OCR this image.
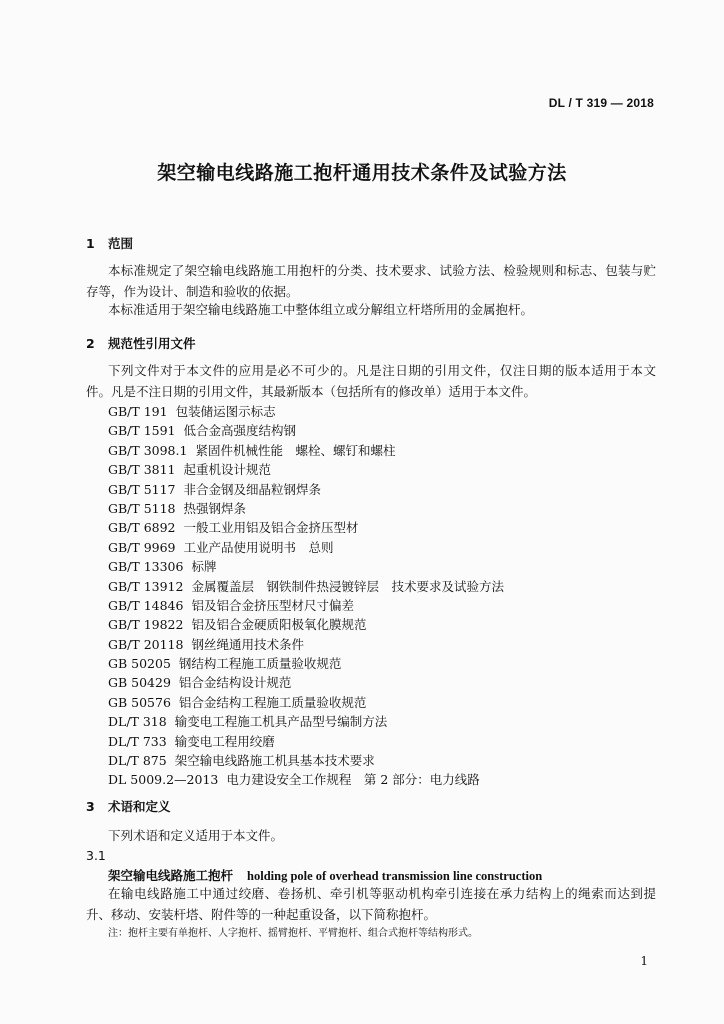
DL / T 319 — 2018
架空输电线路施工抱杆通用技术条件及试验方法
1 范围
本标准规定了架空输电线路施工用抱杆的分类、技术要求、试验方法、检验规则和标志、包装与贮存等，作为设计、制造和验收的依据。
本标准适用于架空输电线路施工中整体组立或分解组立杆塔所用的金属抱杆。
2 规范性引用文件
下列文件对于本文件的应用是必不可少的。凡是注日期的引用文件，仅注日期的版本适用于本文件。凡是不注日期的引用文件，其最新版本（包括所有的修改单）适用于本文件。
GB/T 191 包装储运图示标志
GB/T 1591 低合金高强度结构钢
GB/T 3098.1 紧固件机械性能　螺栓、螺钉和螺柱
GB/T 3811 起重机设计规范
GB/T 5117 非合金钢及细晶粒钢焊条
GB/T 5118 热强钢焊条
GB/T 6892 一般工业用铝及铝合金挤压型材
GB/T 9969 工业产品使用说明书　总则
GB/T 13306 标牌
GB/T 13912 金属覆盖层　钢铁制件热浸镀锌层　技术要求及试验方法
GB/T 14846 铝及铝合金挤压型材尺寸偏差
GB/T 19822 铝及铝合金硬质阳极氧化膜规范
GB/T 20118 钢丝绳通用技术条件
GB 50205 钢结构工程施工质量验收规范
GB 50429 铝合金结构设计规范
GB 50576 铝合金结构工程施工质量验收规范
DL/T 318 输变电工程施工机具产品型号编制方法
DL/T 733 输变电工程用绞磨
DL/T 875 架空输电线路施工机具基本技术要求
DL 5009.2—2013 电力建设安全工作规程　第 2 部分：电力线路
3 术语和定义
下列术语和定义适用于本文件。
3.1
架空输电线路施工抱杆 holding pole of overhead transmission line construction
在输电线路施工中通过绞磨、卷扬机、牵引机等驱动机构牵引连接在承力结构上的绳索而达到提升、移动、安装杆塔、附件等的一种起重设备，以下简称抱杆。
注：抱杆主要有单抱杆、人字抱杆、摇臂抱杆、平臂抱杆、组合式抱杆等结构形式。
1
